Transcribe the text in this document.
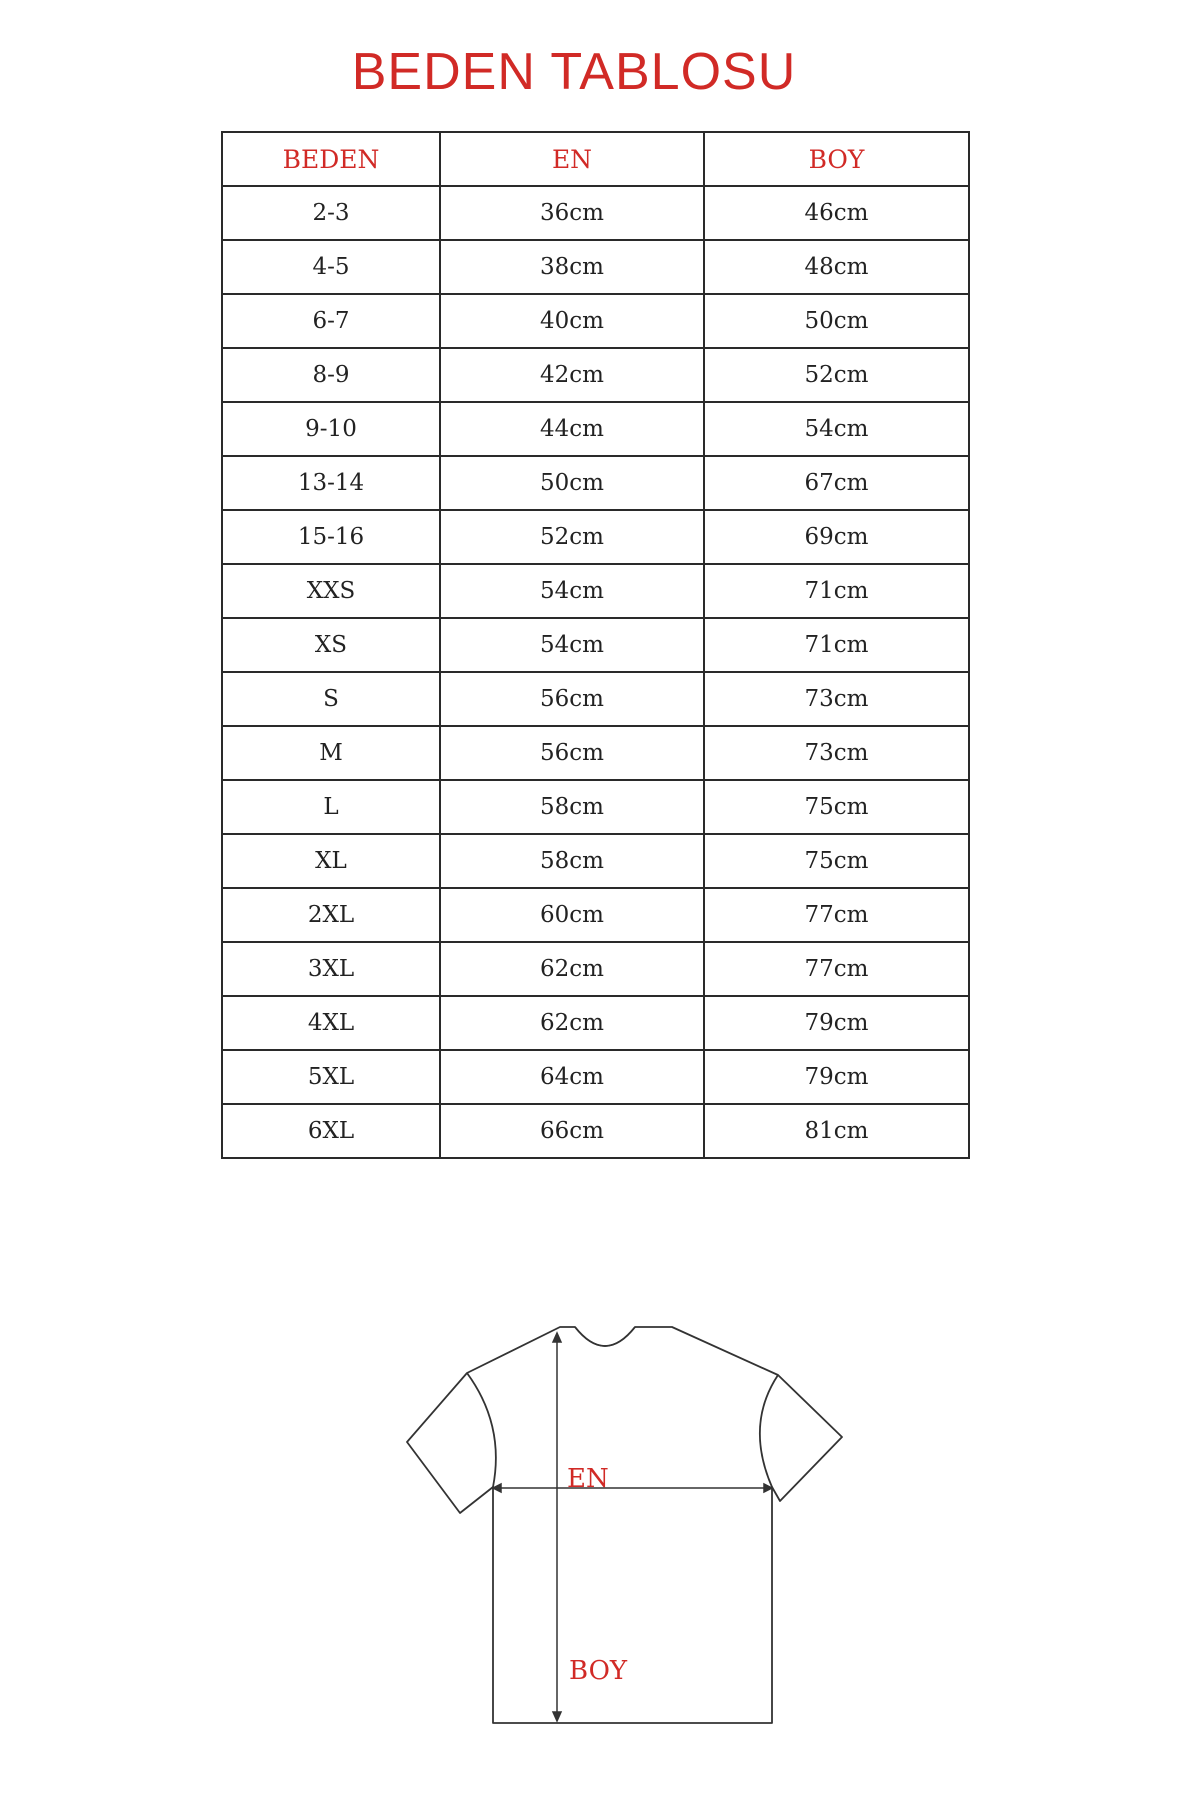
BEDEN TABLOSU
BEDEN	EN	BOY
2-3	36cm	46cm
4-5	38cm	48cm
6-7	40cm	50cm
8-9	42cm	52cm
9-10	44cm	54cm
13-14	50cm	67cm
15-16	52cm	69cm
XXS	54cm	71cm
XS	54cm	71cm
S	56cm	73cm
M	56cm	73cm
L	58cm	75cm
XL	58cm	75cm
2XL	60cm	77cm
3XL	62cm	77cm
4XL	62cm	79cm
5XL	64cm	79cm
6XL	66cm	81cm
EN
BOY
